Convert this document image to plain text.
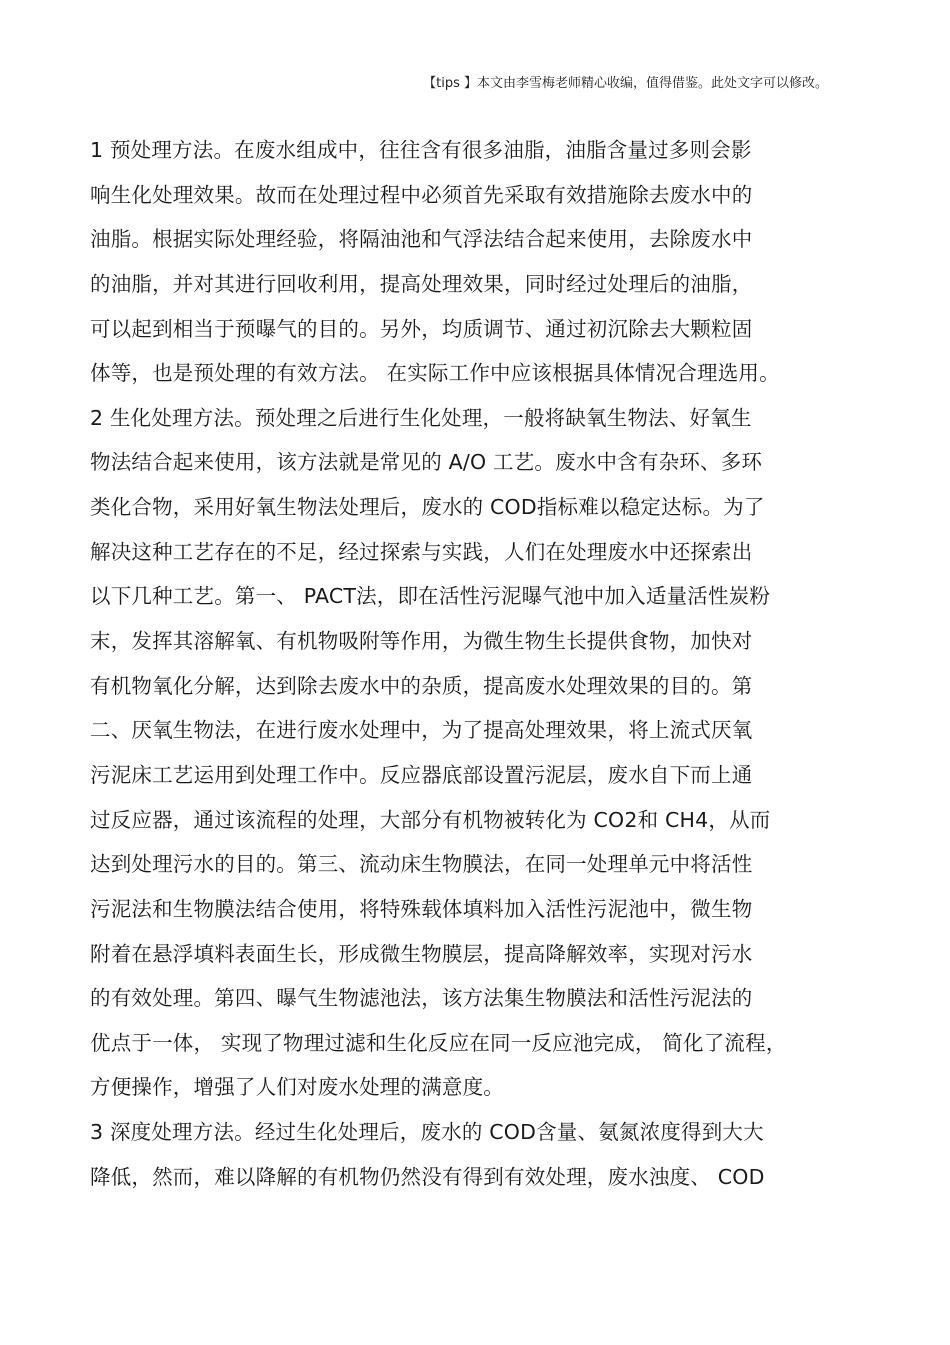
【tips 】本文由李雪梅老师精心收编，值得借鉴。此处文字可以修改。
1 预处理方法。在废水组成中，往往含有很多油脂，油脂含量过多则会影
响生化处理效果。故而在处理过程中必须首先采取有效措施除去废水中的
油脂。根据实际处理经验，将隔油池和气浮法结合起来使用，去除废水中
的油脂，并对其进行回收利用，提高处理效果，同时经过处理后的油脂，
可以起到相当于预曝气的目的。另外，均质调节、通过初沉除去大颗粒固
体等，也是预处理的有效方法。 在实际工作中应该根据具体情况合理选用。
2 生化处理方法。预处理之后进行生化处理，一般将缺氧生物法、好氧生
物法结合起来使用，该方法就是常见的 A/O 工艺。废水中含有杂环、多环
类化合物，采用好氧生物法处理后，废水的 COD指标难以稳定达标。为了
解决这种工艺存在的不足，经过探索与实践，人们在处理废水中还探索出
以下几种工艺。第一、 PACT法，即在活性污泥曝气池中加入适量活性炭粉
末，发挥其溶解氧、有机物吸附等作用，为微生物生长提供食物，加快对
有机物氧化分解，达到除去废水中的杂质，提高废水处理效果的目的。第
二、厌氧生物法，在进行废水处理中，为了提高处理效果，将上流式厌氧
污泥床工艺运用到处理工作中。反应器底部设置污泥层，废水自下而上通
过反应器，通过该流程的处理，大部分有机物被转化为 CO2和 CH4，从而
达到处理污水的目的。第三、流动床生物膜法，在同一处理单元中将活性
污泥法和生物膜法结合使用，将特殊载体填料加入活性污泥池中，微生物
附着在悬浮填料表面生长，形成微生物膜层，提高降解效率，实现对污水
的有效处理。第四、曝气生物滤池法，该方法集生物膜法和活性污泥法的
优点于一体， 实现了物理过滤和生化反应在同一反应池完成， 简化了流程，
方便操作，增强了人们对废水处理的满意度。
3 深度处理方法。经过生化处理后，废水的 COD含量、氨氮浓度得到大大
降低，然而，难以降解的有机物仍然没有得到有效处理，废水浊度、 COD
